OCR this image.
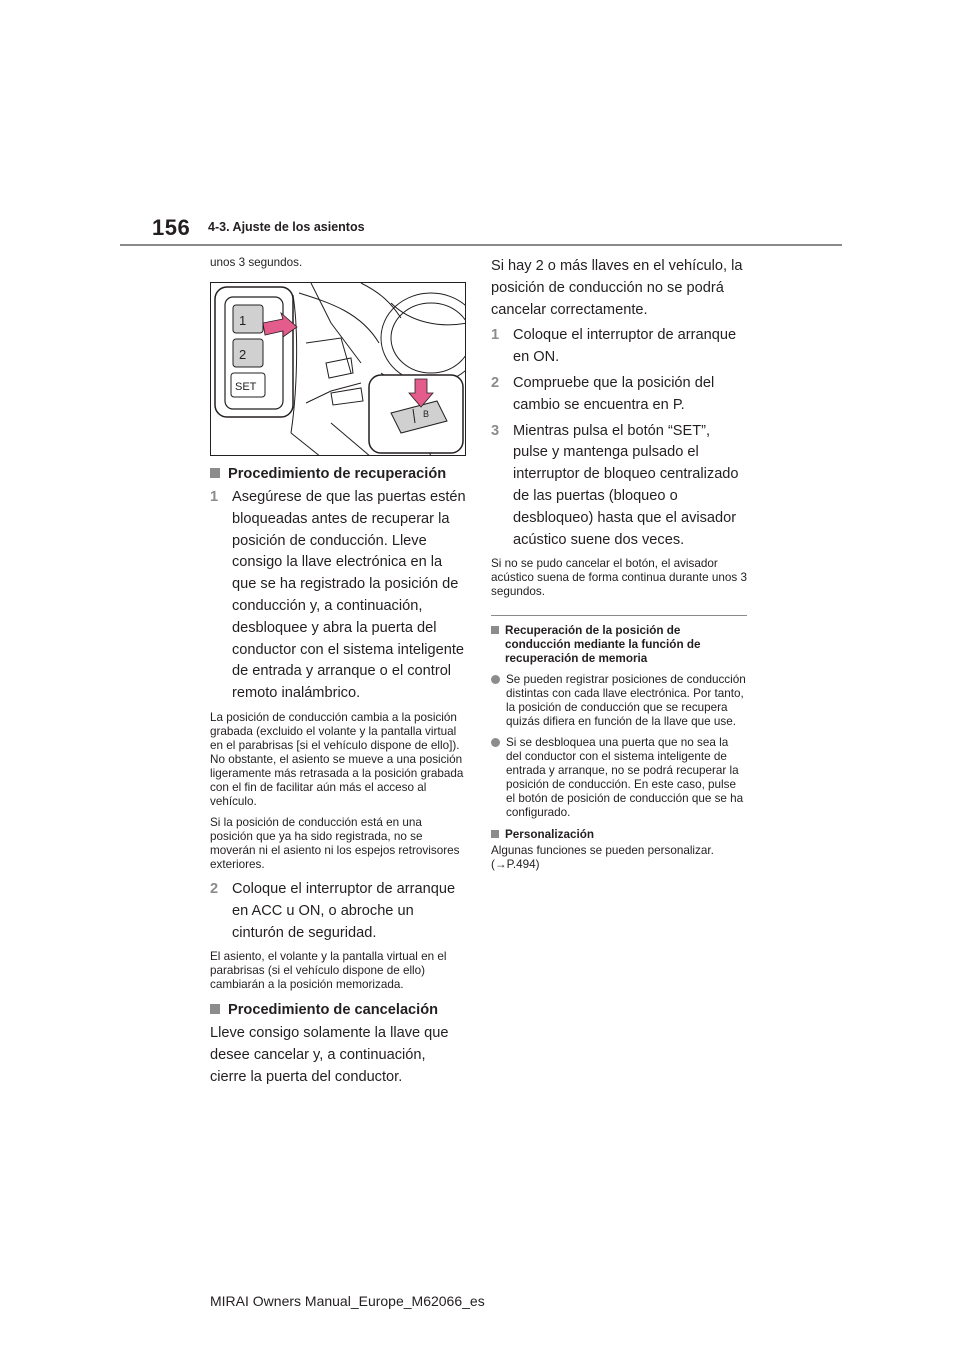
156 4-3. Ajuste de los asientos
unos 3 segundos.
1
2
SET
B
Procedimiento de recuperación
1 Asegúrese de que las puertas estén bloqueadas antes de recuperar la posición de conducción. Lleve consigo la llave electrónica en la que se ha registrado la posición de conducción y, a continuación, desbloquee y abra la puerta del conductor con el sistema inteligente de entrada y arranque o el control remoto inalámbrico.
La posición de conducción cambia a la posición grabada (excluido el volante y la pantalla virtual en el parabrisas [si el vehículo dispone de ello]). No obstante, el asiento se mueve a una posición ligeramente más retrasada a la posición grabada con el fin de facilitar aún más el acceso al vehículo.
Si la posición de conducción está en una posición que ya ha sido registrada, no se moverán ni el asiento ni los espejos retrovisores exteriores.
2 Coloque el interruptor de arranque en ACC u ON, o abroche un cinturón de seguridad.
El asiento, el volante y la pantalla virtual en el parabrisas (si el vehículo dispone de ello) cambiarán a la posición memorizada.
Procedimiento de cancelación
Lleve consigo solamente la llave que desee cancelar y, a continuación, cierre la puerta del conductor.
Si hay 2 o más llaves en el vehículo, la posición de conducción no se podrá cancelar correctamente.
1 Coloque el interruptor de arranque en ON.
2 Compruebe que la posición del cambio se encuentra en P.
3 Mientras pulsa el botón “SET”, pulse y mantenga pulsado el interruptor de bloqueo centralizado de las puertas (bloqueo o desbloqueo) hasta que el avisador acústico suene dos veces.
Si no se pudo cancelar el botón, el avisador acústico suena de forma continua durante unos 3 segundos.
Recuperación de la posición de conducción mediante la función de recuperación de memoria
Se pueden registrar posiciones de conducción distintas con cada llave electrónica. Por tanto, la posición de conducción que se recupera quizás difiera en función de la llave que use.
Si se desbloquea una puerta que no sea la del conductor con el sistema inteligente de entrada y arranque, no se podrá recuperar la posición de conducción. En este caso, pulse el botón de posición de conducción que se ha configurado.
Personalización
Algunas funciones se pueden personalizar.
(→P.494)
MIRAI Owners Manual_Europe_M62066_es
